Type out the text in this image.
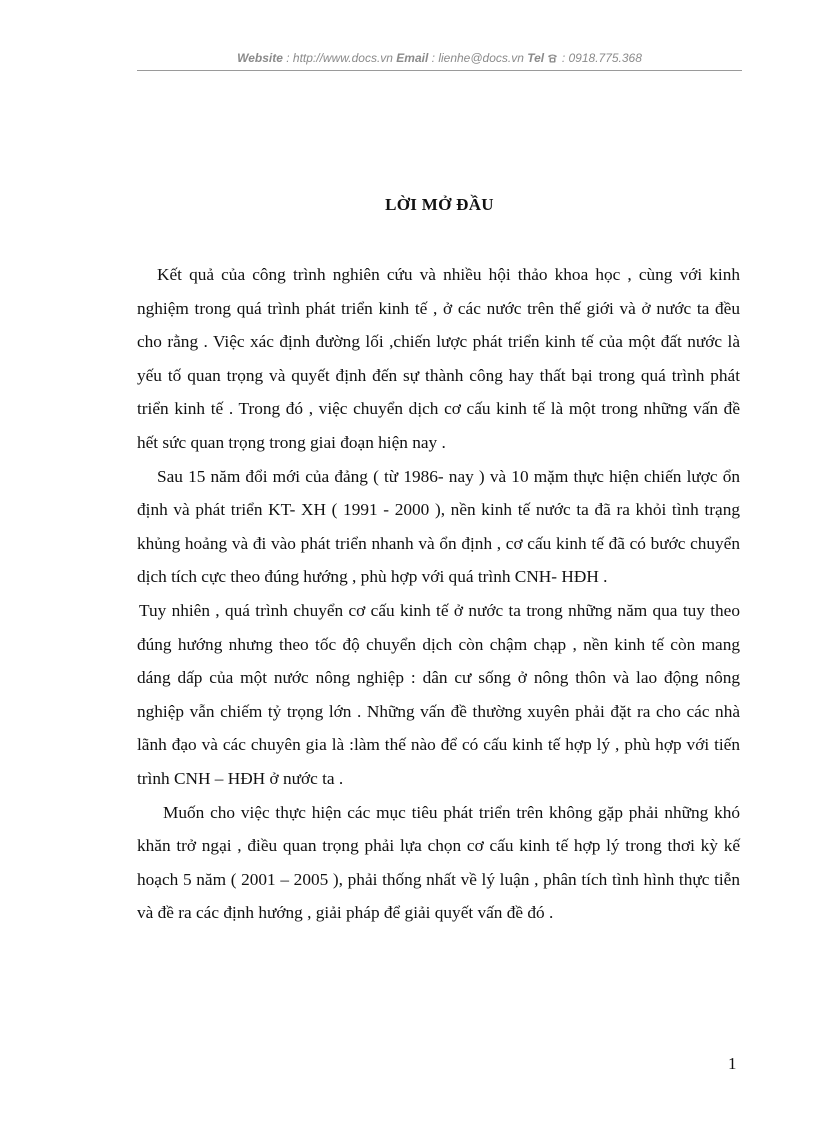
Website : http://www.docs.vn Email : lienhe@docs.vn Tel : 0918.775.368
LỜI MỞ ĐẦU

Kết quả của công trình nghiên cứu và nhiều hội thảo khoa học , cùng với kinh nghiệm trong quá trình phát triển kinh tế , ở các nước trên thế giới và ở nước ta đều cho rằng . Việc xác định đường lối ,chiến lược phát triển kinh tế của một đất nước là yếu tố quan trọng và quyết định đến sự thành công hay thất bại trong quá trình phát triển kinh tế . Trong đó , việc chuyển dịch cơ cấu kinh tế là một trong những vấn đề hết sức quan trọng trong giai đoạn hiện nay .

Sau 15 năm đổi mới của đảng ( từ 1986- nay ) và 10 mặm thực hiện chiến lược ổn định và phát triển KT- XH ( 1991 - 2000 ), nền kinh tế nước ta đã ra khỏi tình trạng khủng hoảng và đi vào phát triển nhanh và ổn định , cơ cấu kinh tế đã có bước chuyển dịch tích cực theo đúng hướng , phù hợp với quá trình CNH- HĐH .

Tuy nhiên , quá trình chuyển cơ cấu kinh tế ở nước ta trong những năm qua tuy theo đúng hướng nhưng theo tốc độ chuyển dịch còn chậm chạp , nền kinh tế còn mang dáng dấp của một nước nông nghiệp : dân cư sống ở nông thôn và lao động nông nghiệp vẫn chiếm tỷ trọng lớn . Những vấn đề thường xuyên phải đặt ra cho các nhà lãnh đạo và các chuyên gia là :làm thế nào để có cấu kinh tế hợp lý , phù hợp với tiến trình CNH – HĐH ở nước ta .

Muốn cho việc thực hiện các mục tiêu phát triển trên không gặp phải những khó khăn trở ngại , điều quan trọng phải lựa chọn cơ cấu kinh tế hợp lý trong thơi kỳ kế hoạch 5 năm ( 2001 – 2005 ), phải thống nhất về lý luận , phân tích tình hình thực tiễn và đề ra các định hướng , giải pháp để giải quyết vấn đề đó .

1
